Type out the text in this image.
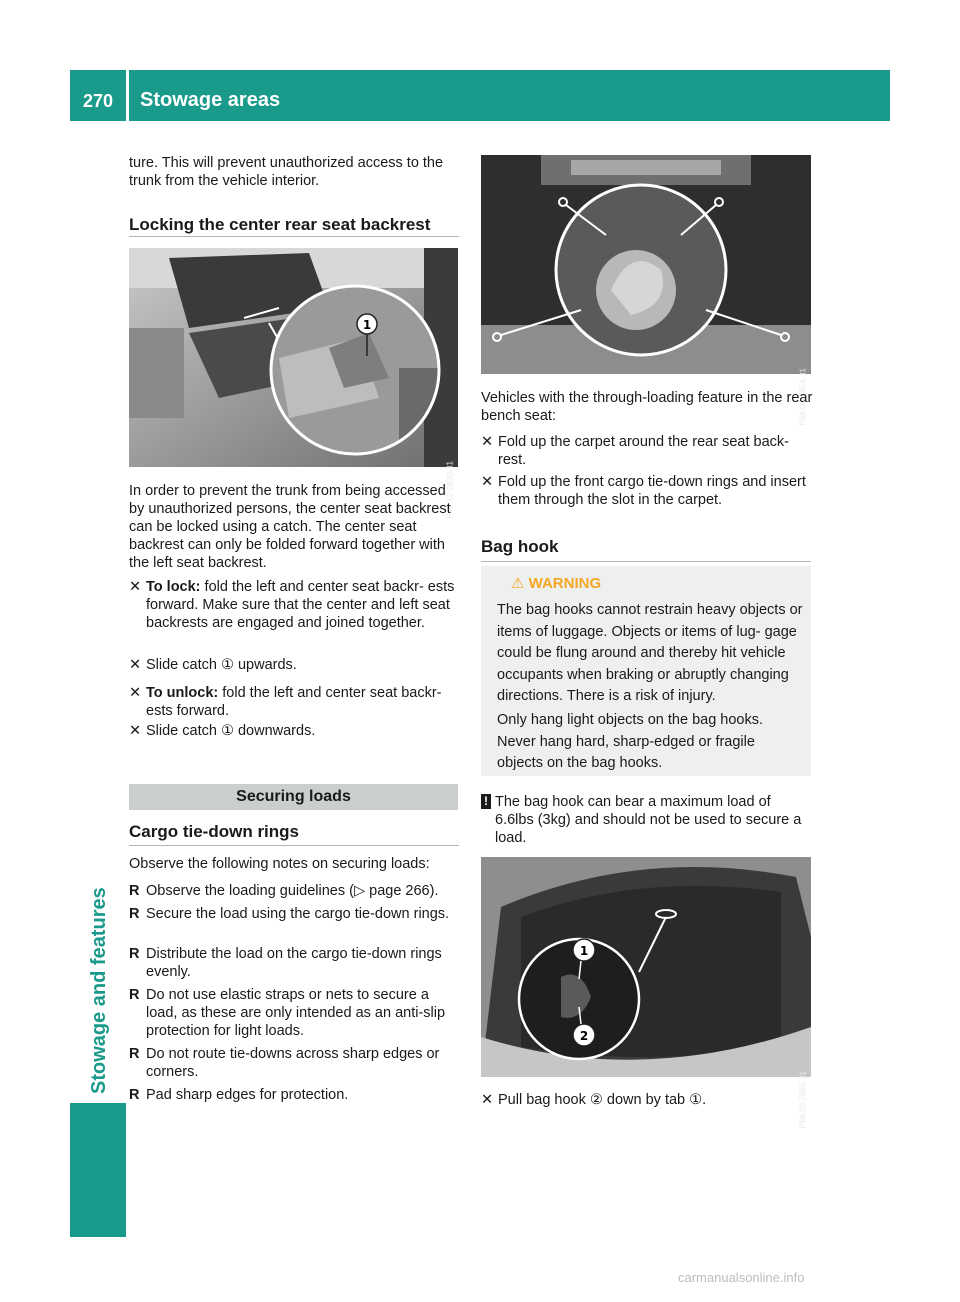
270	Stowage areas
Stowage and features
ture. This will prevent unauthorized access to the trunk from the vehicle interior.
Locking the center rear seat backrest
1
P91.12-2830-31
In order to prevent the trunk from being accessed by unauthorized persons, the center seat backrest can be locked using a catch. The center seat backrest can only be folded forward together with the left seat backrest.
✕ To lock: fold the left and center seat backr- ests forward. Make sure that the center and left seat backrests are engaged and joined together.
✕ Slide catch ① upwards.
✕ To unlock: fold the left and center seat backr- ests forward.
✕ Slide catch ① downwards.
Securing loads
Cargo tie-down rings
Observe the following notes on securing loads:
R Observe the loading guidelines (▷ page 266).
R Secure the load using the cargo tie-down rings.
R Distribute the load on the cargo tie-down rings evenly.
R Do not use elastic straps or nets to secure a load, as these are only intended as an anti-slip protection for light loads.
R Do not route tie-downs across sharp edges or corners.
R Pad sharp edges for protection.
P68.00-7854-31
Vehicles with the through-loading feature in the rear bench seat:
✕ Fold up the carpet around the rear seat back- rest.
✕ Fold up the front cargo tie-down rings and insert them through the slot in the carpet.
Bag hook
⚠ WARNING
The bag hooks cannot restrain heavy objects or items of luggage. Objects or items of lug- gage could be flung around and thereby hit vehicle occupants when braking or abruptly changing directions. There is a risk of injury.
Only hang light objects on the bag hooks. Never hang hard, sharp-edged or fragile objects on the bag hooks.
! The bag hook can bear a maximum load of 6.6lbs (3kg) and should not be used to secure a load.
1
2
P68.00-7855-31
✕ Pull bag hook ② down by tab ①.
carmanualsonline.info
